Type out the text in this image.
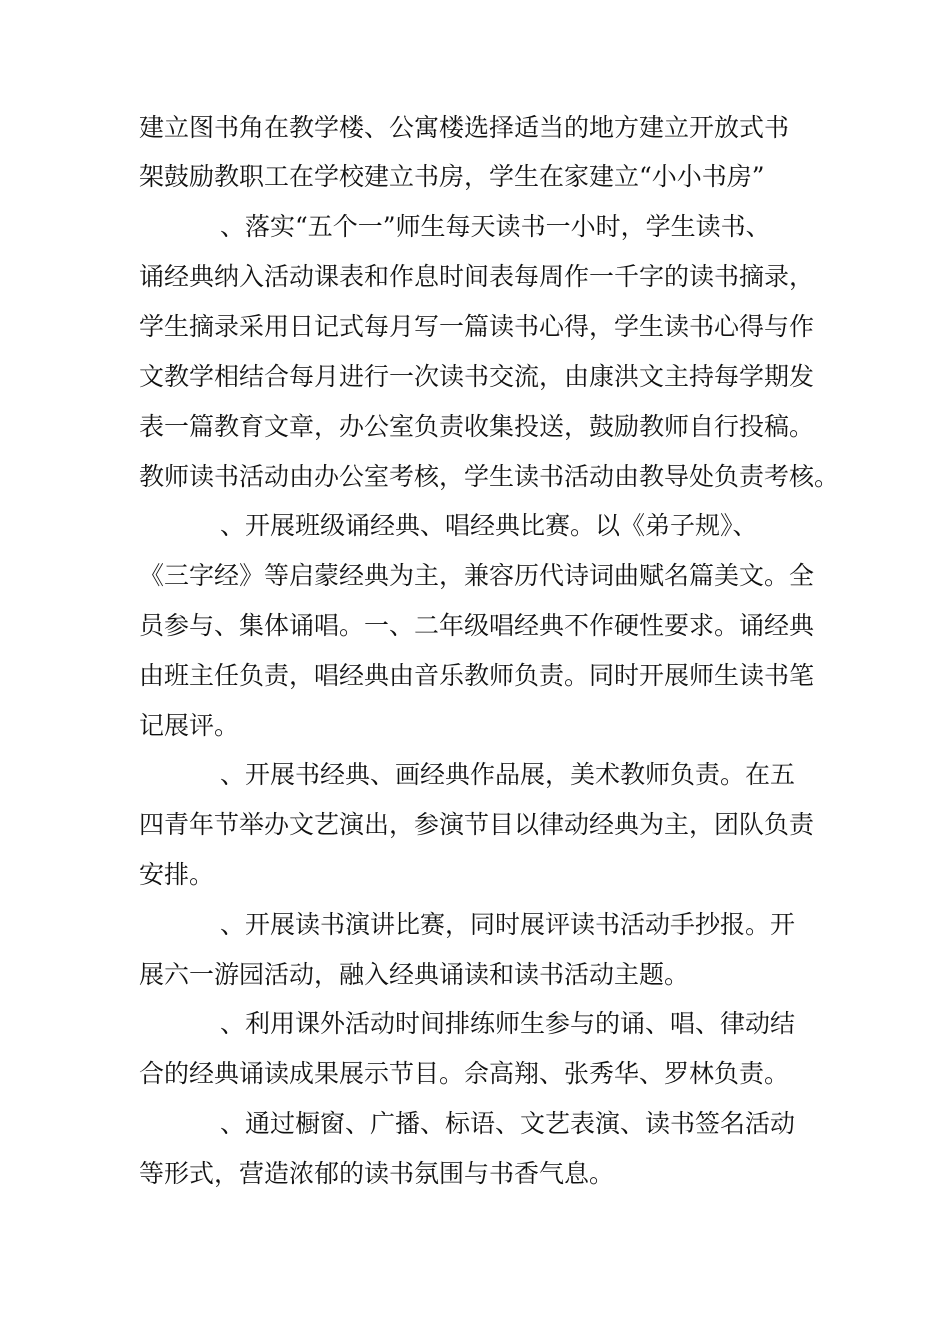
建立图书角在教学楼、公寓楼选择适当的地方建立开放式书
架鼓励教职工在学校建立书房，学生在家建立“小小书房”
、落实“五个一”师生每天读书一小时，学生读书、
诵经典纳入活动课表和作息时间表每周作一千字的读书摘录，
学生摘录采用日记式每月写一篇读书心得，学生读书心得与作
文教学相结合每月进行一次读书交流，由康洪文主持每学期发
表一篇教育文章，办公室负责收集投送，鼓励教师自行投稿。
教师读书活动由办公室考核，学生读书活动由教导处负责考核。
、开展班级诵经典、唱经典比赛。以《弟子规》、
《三字经》等启蒙经典为主，兼容历代诗词曲赋名篇美文。全
员参与、集体诵唱。一、二年级唱经典不作硬性要求。诵经典
由班主任负责，唱经典由音乐教师负责。同时开展师生读书笔
记展评。
、开展书经典、画经典作品展，美术教师负责。在五
四青年节举办文艺演出，参演节目以律动经典为主，团队负责
安排。
、开展读书演讲比赛，同时展评读书活动手抄报。开
展六一游园活动，融入经典诵读和读书活动主题。
、利用课外活动时间排练师生参与的诵、唱、律动结
合的经典诵读成果展示节目。佘高翔、张秀华、罗林负责。
、通过橱窗、广播、标语、文艺表演、读书签名活动
等形式，营造浓郁的读书氛围与书香气息。
